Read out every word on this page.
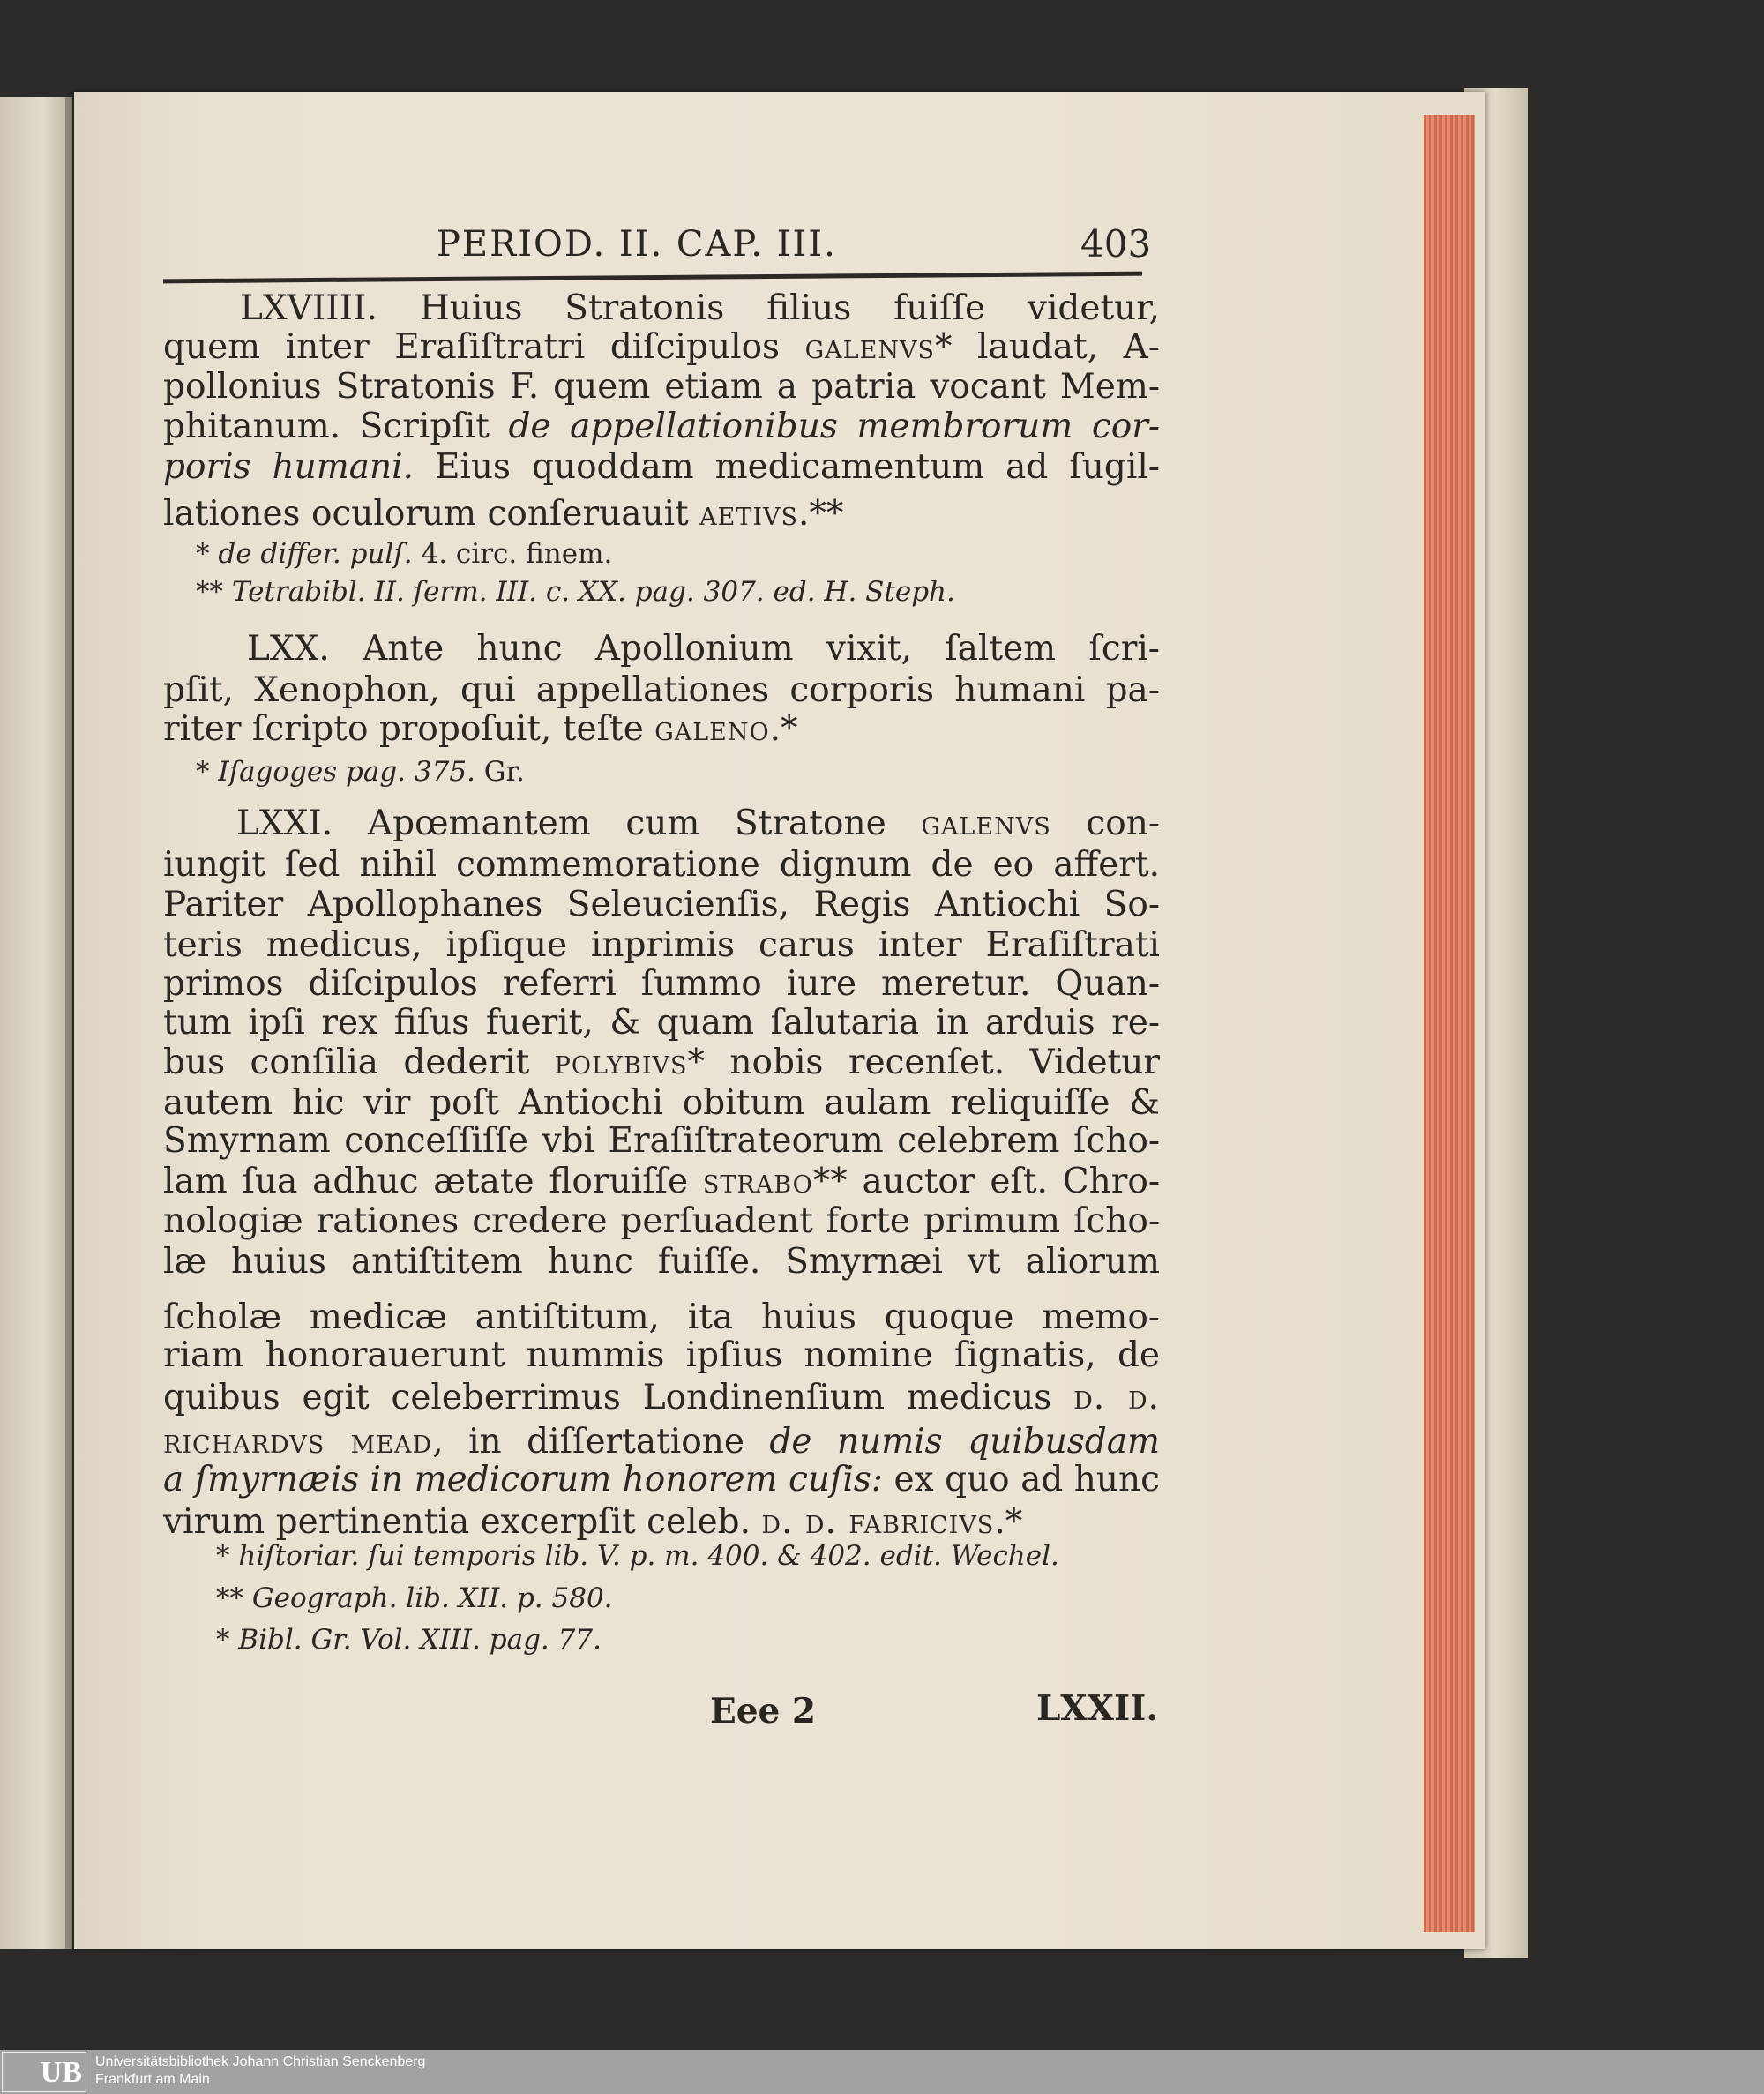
PERIOD. II. CAP. III.	403
LXVIIII. Huius Stratonis filius fuiſſe videtur,
quem inter Eraſiſtratri diſcipulos galenvs* laudat, A-
pollonius Stratonis F. quem etiam a patria vocant Mem-
phitanum. Scripſit de appellationibus membrorum cor-
poris humani. Eius quoddam medicamentum ad ſugil-
lationes oculorum conſeruauit aetivs.**
* de differ. pulſ. 4. circ. finem.
** Tetrabibl. II. ſerm. III. c. XX. pag. 307. ed. H. Steph.
LXX. Ante hunc Apollonium vixit, ſaltem ſcri-
pſit, Xenophon, qui appellationes corporis humani pa-
riter ſcripto propoſuit, teſte galeno.*
* Iſagoges pag. 375. Gr.
LXXI. Apœmantem cum Stratone galenvs con-
iungit ſed nihil commemoratione dignum de eo affert.
Pariter Apollophanes Seleucienſis, Regis Antiochi So-
teris medicus, ipſique inprimis carus inter Eraſiſtrati
primos diſcipulos referri ſummo iure meretur. Quan-
tum ipſi rex fiſus fuerit, & quam ſalutaria in arduis re-
bus conſilia dederit polybivs* nobis recenſet. Videtur
autem hic vir poſt Antiochi obitum aulam reliquiſſe &
Smyrnam conceſſiſſe vbi Eraſiſtrateorum celebrem ſcho-
lam ſua adhuc ætate floruiſſe strabo** auctor eſt. Chro-
nologiæ rationes credere perſuadent forte primum ſcho-
læ huius antiſtitem hunc fuiſſe. Smyrnæi vt aliorum
ſcholæ medicæ antiſtitum, ita huius quoque memo-
riam honorauerunt nummis ipſius nomine ſignatis, de
quibus egit celeberrimus Londinenſium medicus d. d.
richardvs mead, in diſſertatione de numis quibusdam
a ſmyrnæis in medicorum honorem cuſis: ex quo ad hunc
virum pertinentia excerpſit celeb. d. d. fabricivs.*
* hiſtoriar. ſui temporis lib. V. p. m. 400. & 402. edit. Wechel.
** Geograph. lib. XII. p. 580.
* Bibl. Gr. Vol. XIII. pag. 77.
Eee 2	LXXII.
UB Universitätsbibliothek Johann Christian Senckenberg
Frankfurt am Main
